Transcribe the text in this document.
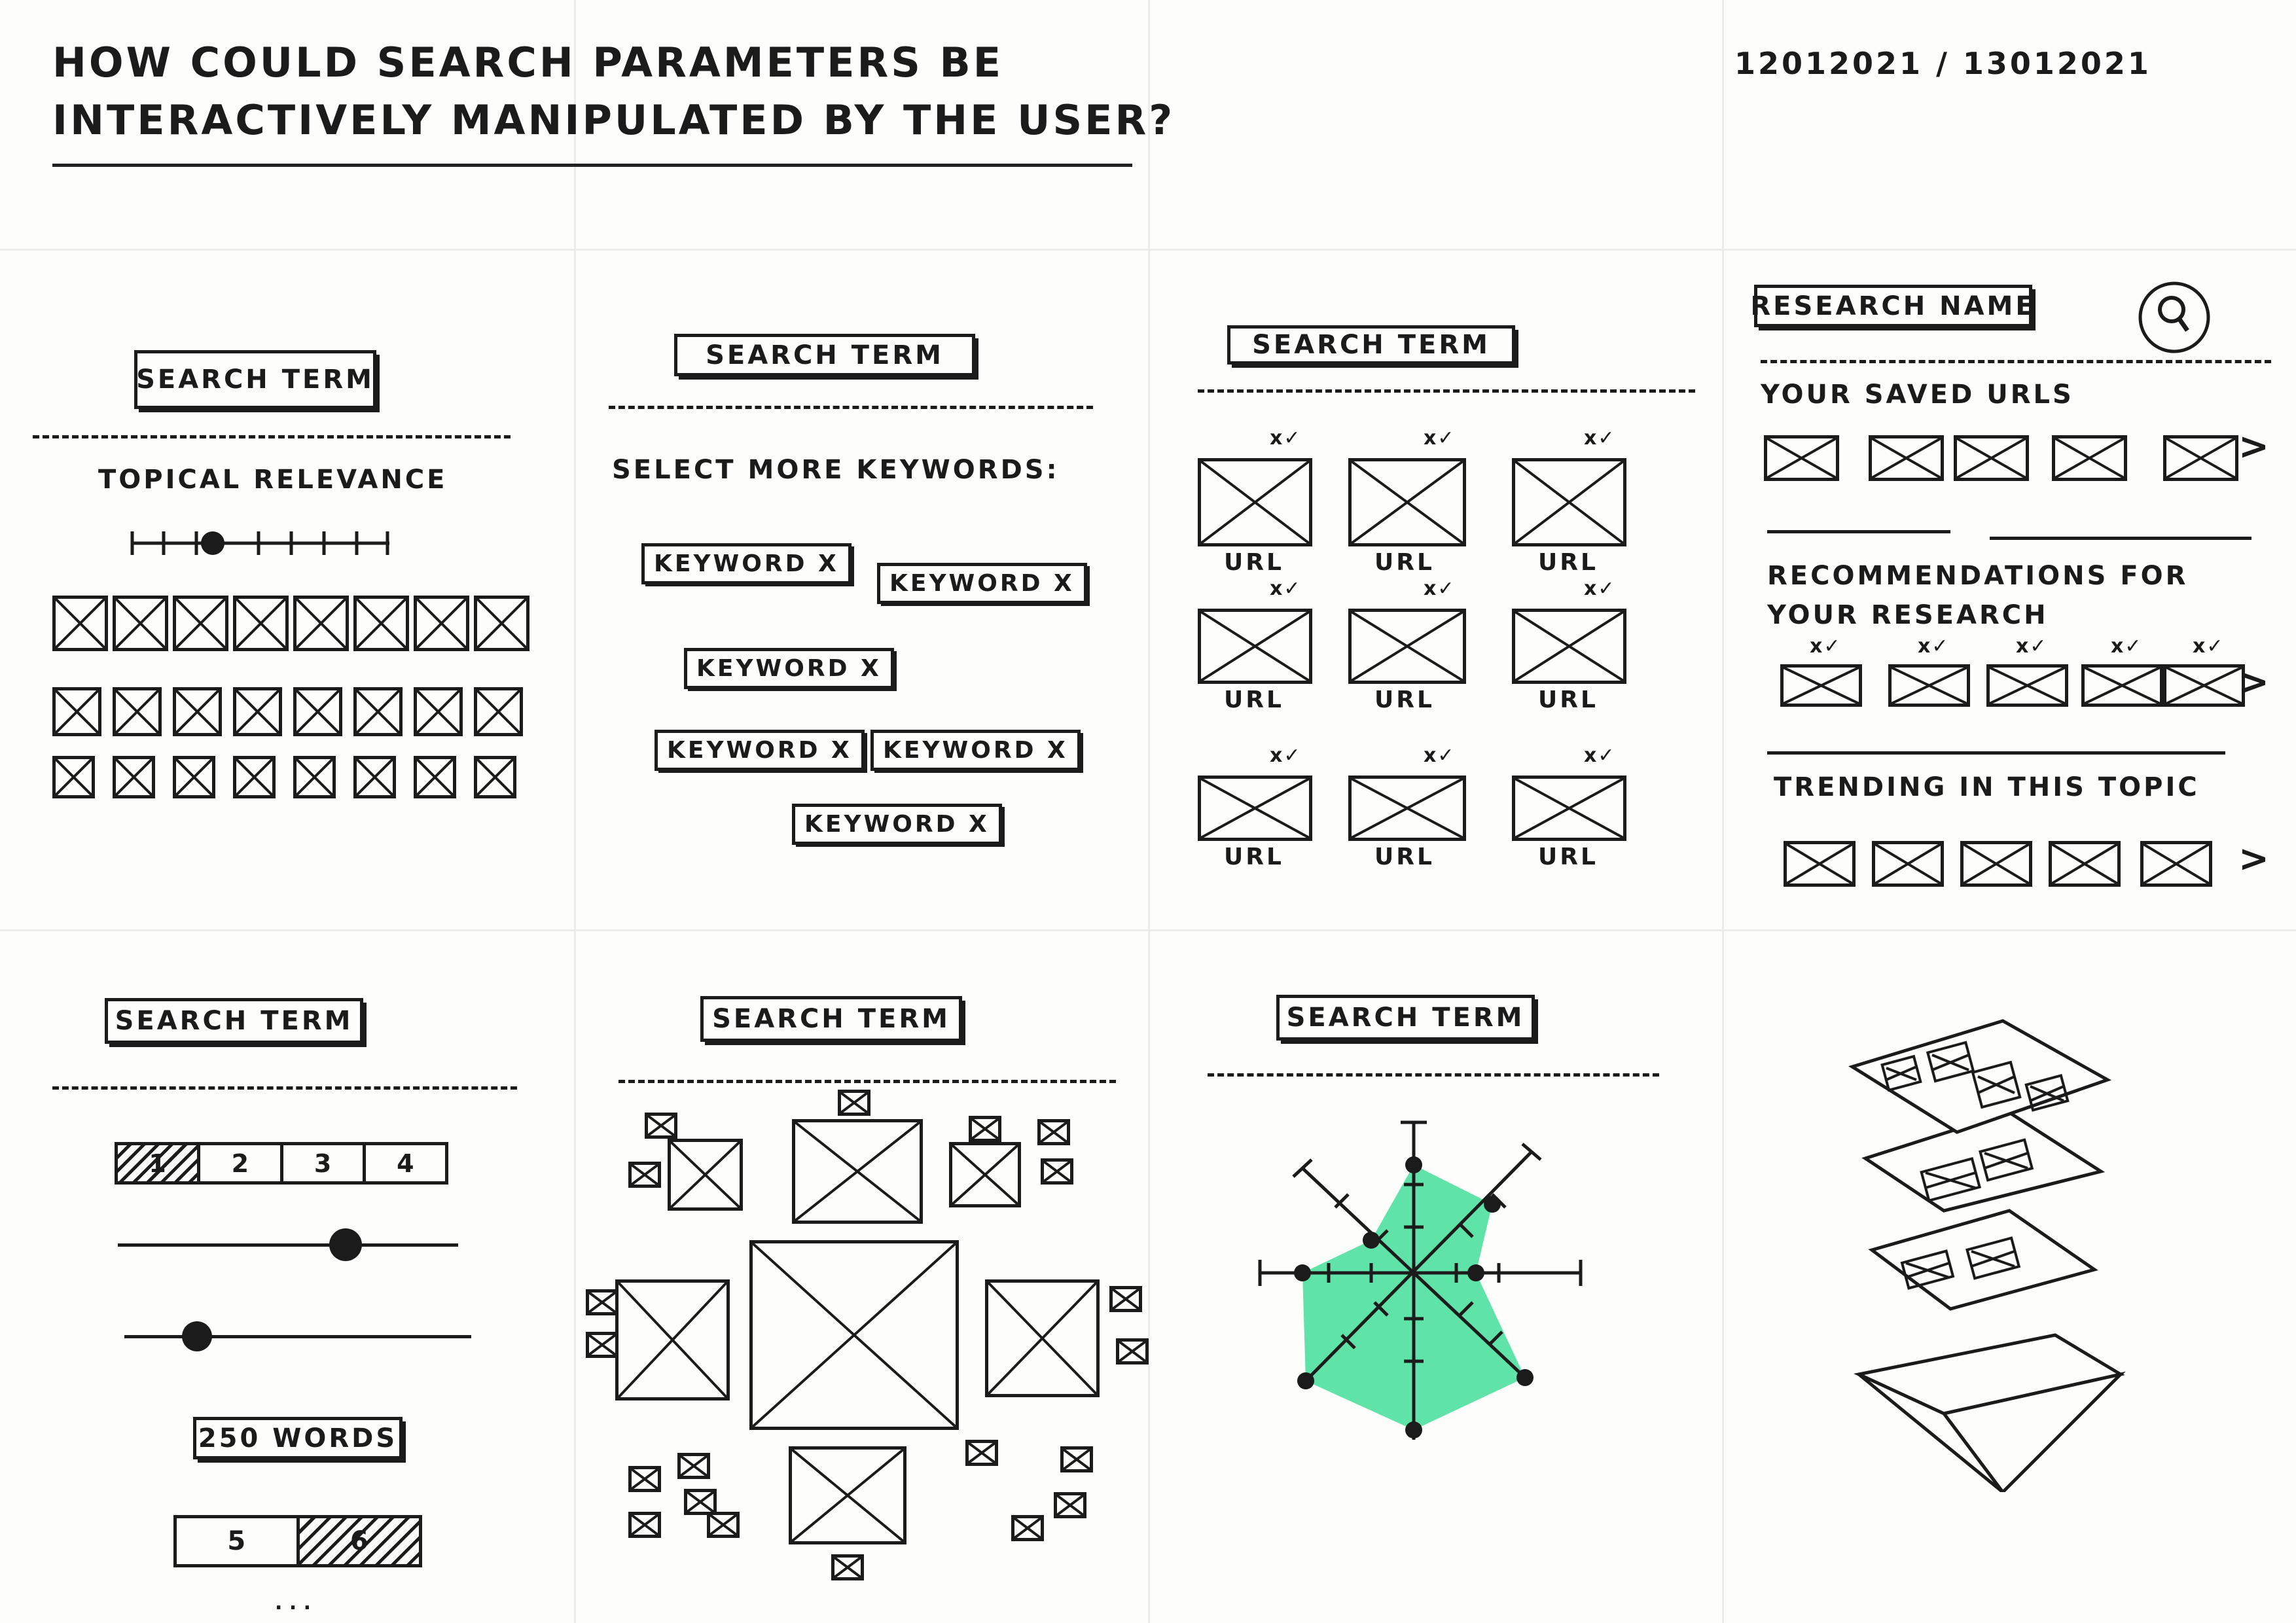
HOW COULD SEARCH PARAMETERS BE
INTERACTIVELY MANIPULATED BY THE USER?
12012021 / 13012021
SEARCH TERM
TOPICAL RELEVANCE
SEARCH TERM
SELECT MORE KEYWORDS:
KEYWORD X
KEYWORD X
KEYWORD X
KEYWORD X	KEYWORD X
KEYWORD X
SEARCH TERM
x✓
URL
x✓
URL
x✓
URL
x✓
URL
x✓
URL
x✓
URL
x✓
URL
x✓
URL
x✓
URL
RESEARCH NAME
YOUR SAVED URLS
>
RECOMMENDATIONS FOR YOUR RESEARCH
x✓	x✓	x✓	x✓	x✓
>
TRENDING IN THIS TOPIC
>
SEARCH TERM
1	2	3	4
250 WORDS
5	6
. . .
SEARCH TERM	SEARCH TERM
